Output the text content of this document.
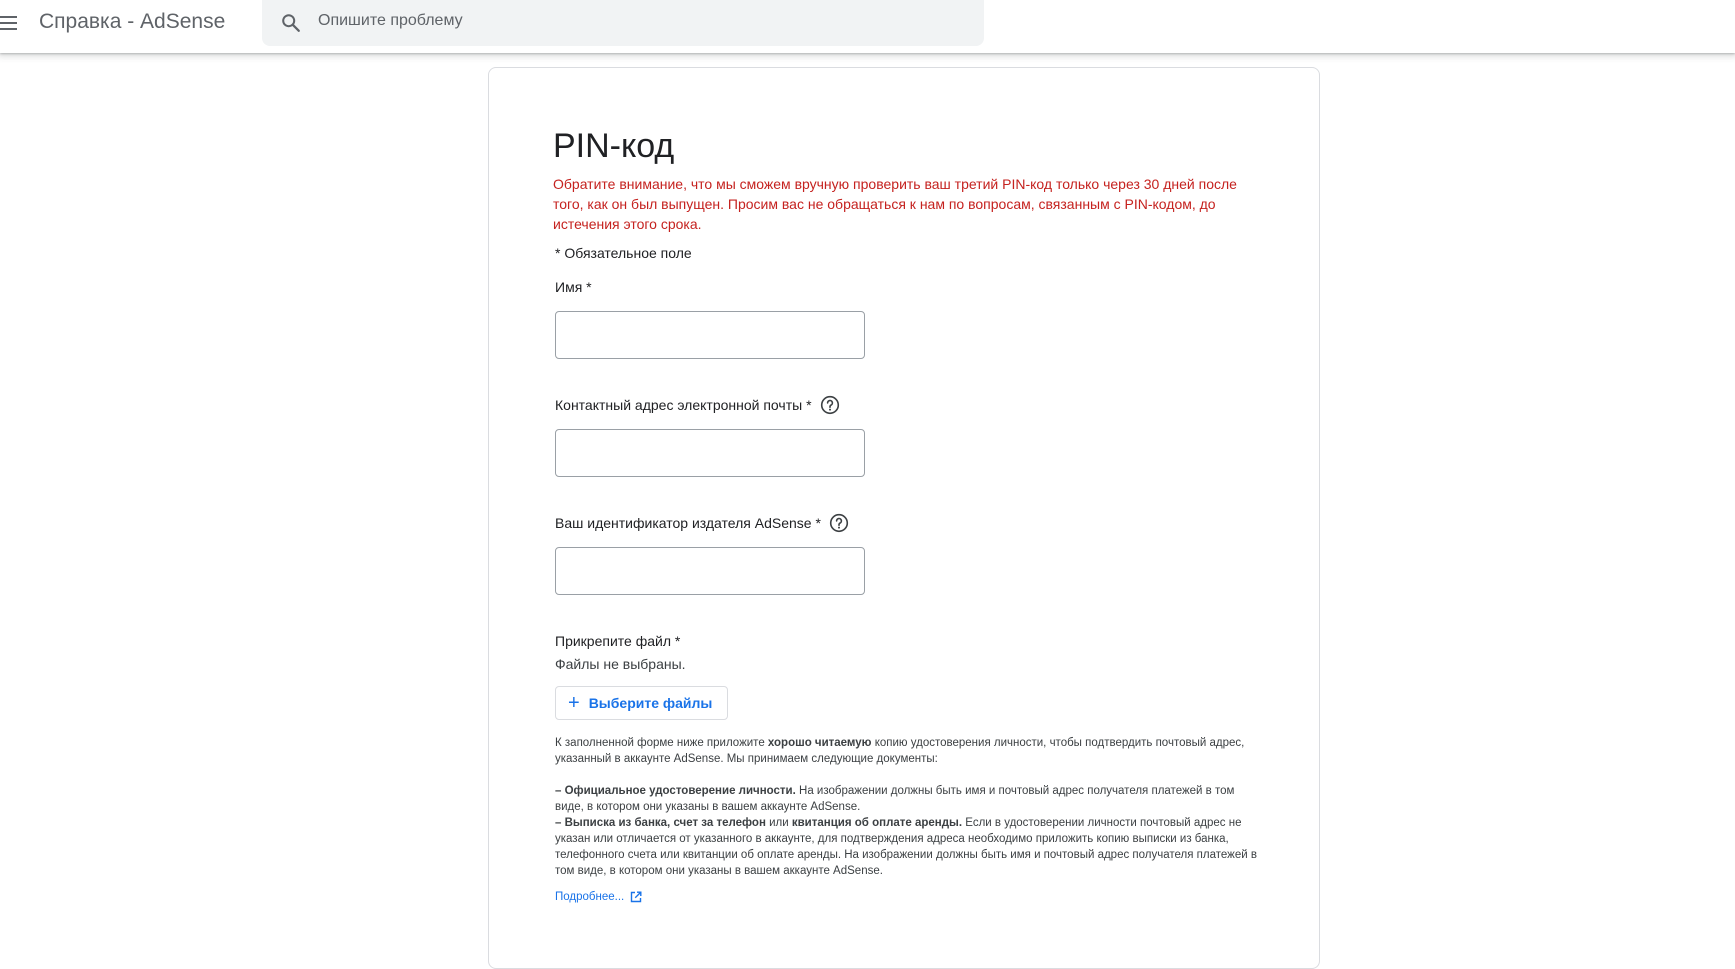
Справка - AdSense
Опишите проблему
PIN-код
Обратите внимание, что мы сможем вручную проверить ваш третий PIN-код только через 30 дней после того, как он был выпущен. Просим вас не обращаться к нам по вопросам, связанным с PIN-кодом, до истечения этого срока.
* Обязательное поле
Имя *
Контактный адрес электронной почты *
Ваш идентификатор издателя AdSense *
Прикрепите файл *
Файлы не выбраны.
+ Выберите файлы

К заполненной форме ниже приложите хорошо читаемую копию удостоверения личности, чтобы подтвердить почтовый адрес, указанный в аккаунте AdSense. Мы принимаем следующие документы:

– Официальное удостоверение личности. На изображении должны быть имя и почтовый адрес получателя платежей в том виде, в котором они указаны в вашем аккаунте AdSense.

– Выписка из банка, счет за телефон или квитанция об оплате аренды. Если в удостоверении личности почтовый адрес не указан или отличается от указанного в аккаунте, для подтверждения адреса необходимо приложить копию выписки из банка, телефонного счета или квитанции об оплате аренды. На изображении должны быть имя и почтовый адрес получателя платежей в том виде, в котором они указаны в вашем аккаунте AdSense.

Подробнее...
